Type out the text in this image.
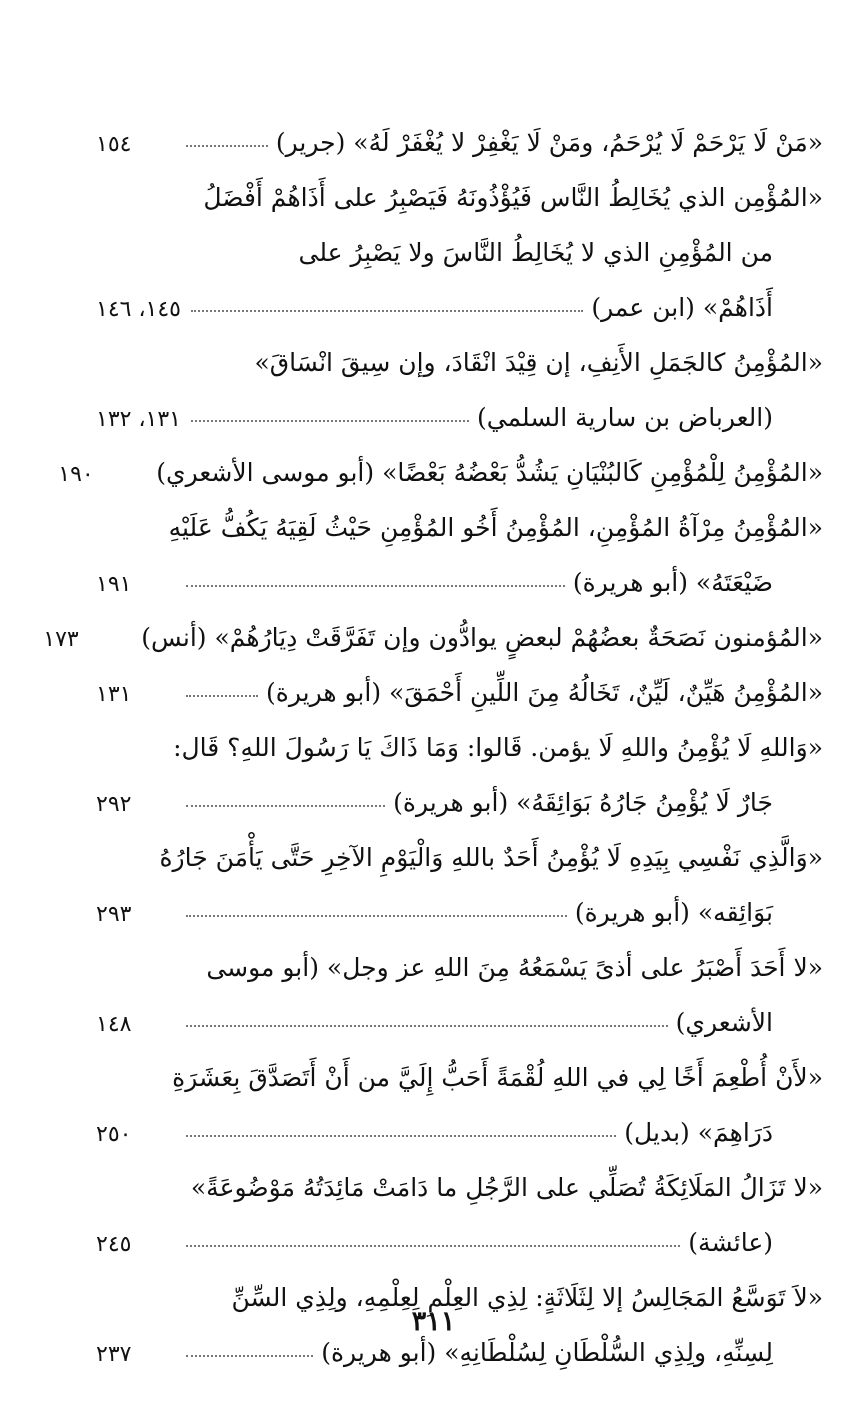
«مَنْ لَا يَرْحَمْ لَا يُرْحَمُ، ومَنْ لَا يَغْفِرْ لا يُغْفَرْ لَهُ» (جرير)
١٥٤
«المُؤْمِن الذي يُخَالِطُ النَّاس فَيُؤْذُونَهُ فَيَصْبِرُ على أَذَاهُمْ أَفْضَلُ
من المُؤْمِنِ الذي لا يُخَالِطُ النَّاسَ ولا يَصْبِرُ على
أَذَاهُمْ» (ابن عمر)
١٤٥، ١٤٦
«المُؤْمِنُ كالجَمَلِ الأَنِفِ، إن قِيْدَ انْقَادَ، وإن سِيقَ انْسَاقَ»
(العرباض بن سارية السلمي)
١٣١، ١٣٢
«المُؤْمِنُ لِلْمُؤْمِنِ كَالبُنْيَانِ يَشُدُّ بَعْضُهُ بَعْضًا» (أبو موسى الأشعري)
١٩٠
«المُؤْمِنُ مِرْآةُ المُؤْمِنِ، المُؤْمِنُ أَخُو المُؤْمِنِ حَيْثُ لَقِيَهُ يَكُفُّ عَلَيْهِ
ضَيْعَتَهُ» (أبو هريرة)
١٩١
«المُؤمنون نَصَحَةٌ بعضُهُمْ لبعضٍ يوادُّون وإن تَفَرَّقَتْ دِيَارُهُمْ» (أنس)
١٧٣
«المُؤْمِنُ هَيِّنٌ، لَيِّنٌ، تَخَالُهُ مِنَ اللِّينِ أَحْمَقَ» (أبو هريرة)
١٣١
«وَاللهِ لَا يُؤْمِنُ واللهِ لَا يؤمن. قَالوا: وَمَا ذَاكَ يَا رَسُولَ اللهِ؟ قَال:
جَارٌ لَا يُؤْمِنُ جَارُهُ بَوَائِقَهُ» (أبو هريرة)
٢٩٢
«وَالَّذِي نَفْسِي بِيَدِهِ لَا يُؤْمِنُ أَحَدٌ باللهِ وَالْيَوْمِ الآخِرِ حَتَّى يَأْمَنَ جَارُهُ
بَوَائِقه» (أبو هريرة)
٢٩٣
«لا أَحَدَ أَصْبَرُ على أذىً يَسْمَعُهُ مِنَ اللهِ عز وجل» (أبو موسى
الأشعري)
١٤٨
«لأَنْ أُطْعِمَ أَخًا لِي في اللهِ لُقْمَةً أَحَبُّ إِلَيَّ من أَنْ أَتَصَدَّقَ بِعَشَرَةِ
دَرَاهِمَ» (بديل)
٢٥٠
«لا تَزَالُ المَلَائِكَةُ تُصَلِّي على الرَّجُلِ ما دَامَتْ مَائِدَتُهُ مَوْضُوعَةً»
(عائشة)
٢٤٥
«لاَ تَوَسَّعُ المَجَالِسُ إلا لِثَلَاثَةٍ: لِذِي العِلْمِ لِعِلْمِهِ، ولِذِي السِّنِّ
لِسِنِّهِ، ولِذِي السُّلْطَانِ لِسُلْطَانِهِ» (أبو هريرة)
٢٣٧
٣١١
